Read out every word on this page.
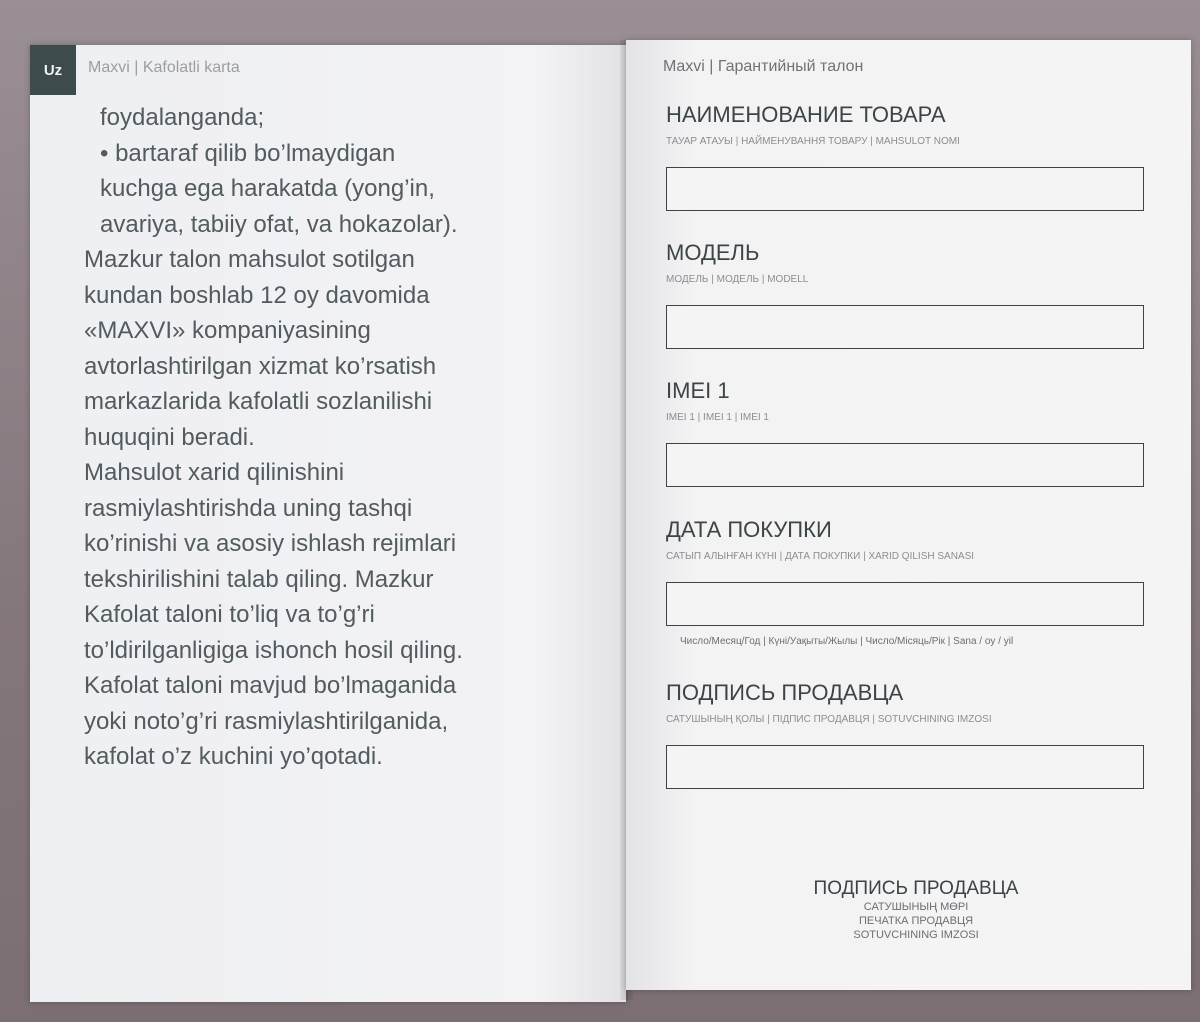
Uz	Maxvi | Kafolatli karta
foydalanganda;
• bartaraf qilib bo’lmaydigan
kuchga ega harakatda (yong’in,
avariya, tabiiy ofat, va hokazolar).
Mazkur talon mahsulot sotilgan
kundan boshlab 12 oy davomida
«MAXVI» kompaniyasining
avtorlashtirilgan xizmat ko’rsatish
markazlarida kafolatli sozlanilishi
huquqini beradi.
Mahsulot xarid qilinishini
rasmiylashtirishda uning tashqi
ko’rinishi va asosiy ishlash rejimlari
tekshirilishini talab qiling. Mazkur
Kafolat taloni to’liq va to’g’ri
to’ldirilganligiga ishonch hosil qiling.
Kafolat taloni mavjud bo’lmaganida
yoki noto’g’ri rasmiylashtirilganida,
kafolat o’z kuchini yo’qotadi.
Maxvi | Гарантийный талон
НАИМЕНОВАНИЕ ТОВАРА
ТАУАР АТАУЫ | НАЙМЕНУВАННЯ ТОВАРУ | MAHSULOT NOMI
МОДЕЛЬ
МОДЕЛЬ | МОДЕЛЬ | MODELL
IMEI 1
IMEI 1 | IMEI 1 | IMEI 1
ДАТА ПОКУПКИ
САТЫП АЛЫНҒАН КҮНІ | ДАТА ПОКУПКИ | XARID QILISH SANASI
Число/Месяц/Год | Күні/Уақыты/Жылы | Число/Місяць/Рік | Sana / oy / yil
ПОДПИСЬ ПРОДАВЦА
САТУШЫНЫҢ ҚОЛЫ | ПІДПИС ПРОДАВЦЯ | SOTUVCHINING IMZOSI
ПОДПИСЬ ПРОДАВЦА
САТУШЫНЫҢ МӨРІ
ПЕЧАТКА ПРОДАВЦЯ
SOTUVCHINING IMZOSI
